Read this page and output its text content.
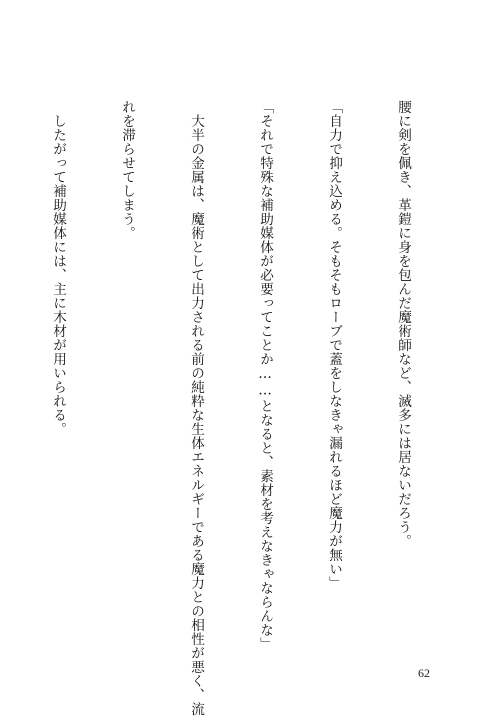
腰に剣を佩き、革鎧に身を包んだ魔術師など、滅多には居ないだろう。

「自力で抑え込める。そもそもローブで蓋をしなきゃ漏れるほど魔力が無い」

「それで特殊な補助媒体が必要ってことか……となると、素材を考えなきゃならんな」

　大半の金属は、魔術として出力される前の純粋な生体エネルギーである魔力との相性が悪く、流

れを滞らせてしまう。

　したがって補助媒体には、主に木材が用いられる。

62
